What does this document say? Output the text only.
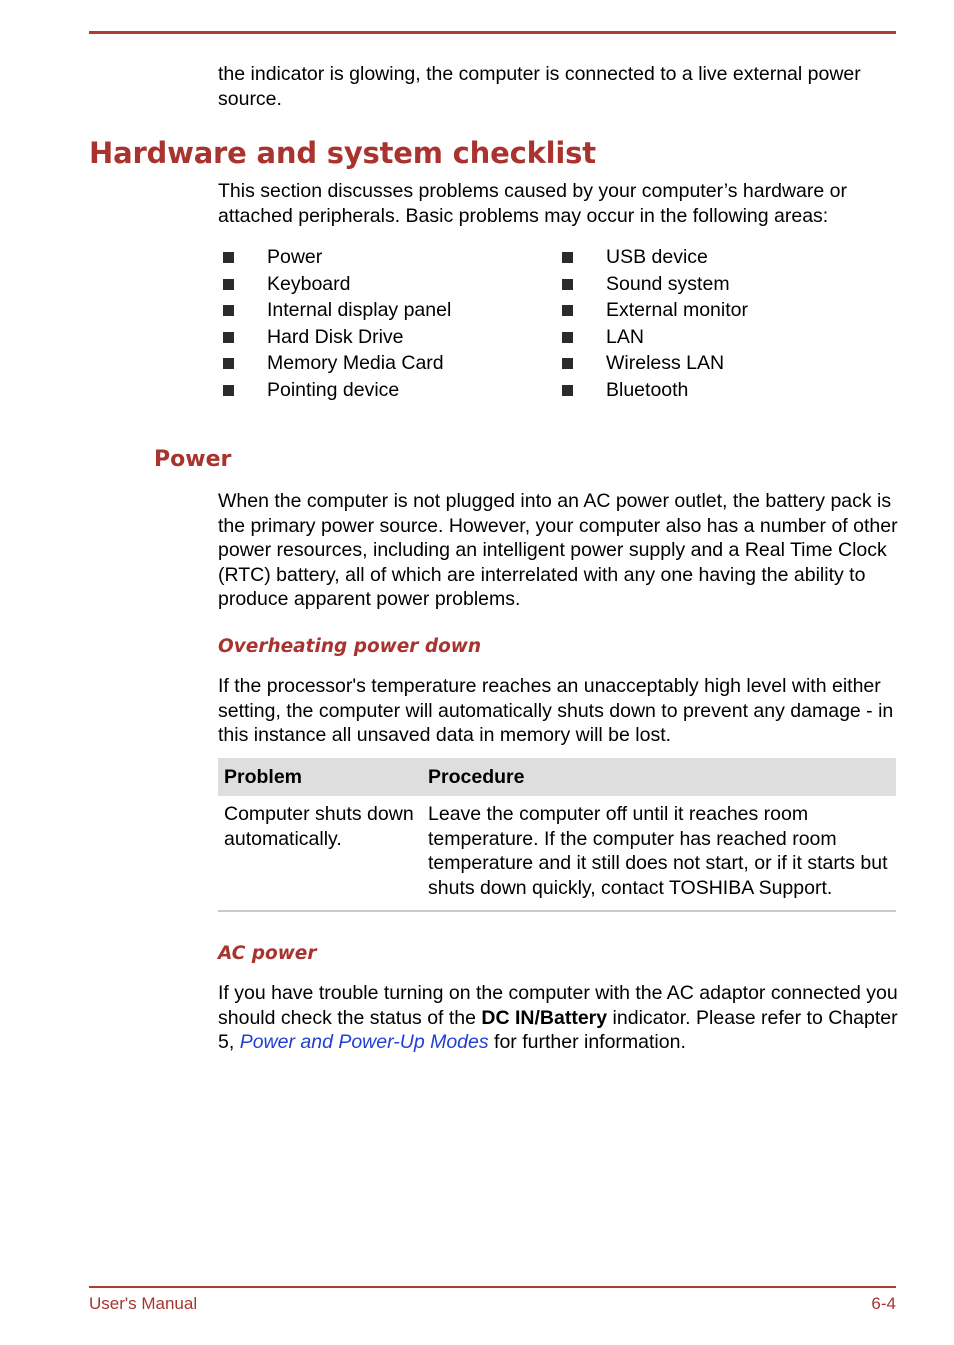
the indicator is glowing, the computer is connected to a live external power source.

Hardware and system checklist

This section discusses problems caused by your computer’s hardware or attached peripherals. Basic problems may occur in the following areas:

Power
Keyboard
Internal display panel
Hard Disk Drive
Memory Media Card
Pointing device
USB device
Sound system
External monitor
LAN
Wireless LAN
Bluetooth
Power

When the computer is not plugged into an AC power outlet, the battery pack is the primary power source. However, your computer also has a number of other power resources, including an intelligent power supply and a Real Time Clock (RTC) battery, all of which are interrelated with any one having the ability to produce apparent power problems.

Overheating power down

If the processor's temperature reaches an unacceptably high level with either setting, the computer will automatically shuts down to prevent any damage - in this instance all unsaved data in memory will be lost.

Problem	Procedure
Computer shuts down automatically.	Leave the computer off until it reaches room temperature. If the computer has reached room temperature and it still does not start, or if it starts but shuts down quickly, contact TOSHIBA Support.
AC power

If you have trouble turning on the computer with the AC adaptor connected you should check the status of the DC IN/Battery indicator. Please refer to Chapter 5, Power and Power-Up Modes for further information.

User's Manual	6-4
